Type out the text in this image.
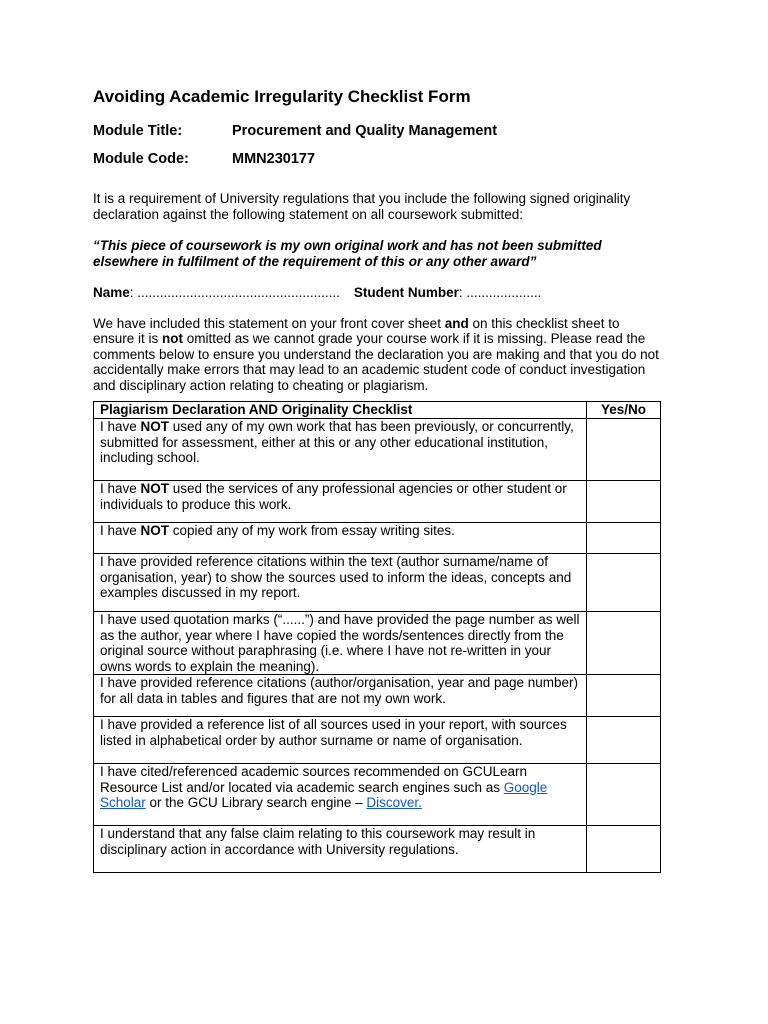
Avoiding Academic Irregularity Checklist Form
Module Title:	Procurement and Quality Management
Module Code:	MMN230177

It is a requirement of University regulations that you include the following signed originality declaration against the following statement on all coursework submitted:

“This piece of coursework is my own original work and has not been submitted elsewhere in fulfilment of the requirement of this or any other award”

Name: ...................................................... Student Number: ....................

We have included this statement on your front cover sheet and on this checklist sheet to ensure it is not omitted as we cannot grade your course work if it is missing. Please read the comments below to ensure you understand the declaration you are making and that you do not accidentally make errors that may lead to an academic student code of conduct investigation and disciplinary action relating to cheating or plagiarism.

Plagiarism Declaration AND Originality Checklist	Yes/No
I have NOT used any of my own work that has been previously, or concurrently, submitted for assessment, either at this or any other educational institution, including school.	
I have NOT used the services of any professional agencies or other student or individuals to produce this work.	
I have NOT copied any of my work from essay writing sites.	
I have provided reference citations within the text (author surname/name of organisation, year) to show the sources used to inform the ideas, concepts and examples discussed in my report.	
I have used quotation marks (“......”) and have provided the page number as well as the author, year where I have copied the words/sentences directly from the original source without paraphrasing (i.e. where I have not re-written in your owns words to explain the meaning).	
I have provided reference citations (author/organisation, year and page number) for all data in tables and figures that are not my own work.	
I have provided a reference list of all sources used in your report, with sources listed in alphabetical order by author surname or name of organisation.	
I have cited/referenced academic sources recommended on GCULearn Resource List and/or located via academic search engines such as Google Scholar or the GCU Library search engine – Discover.	
I understand that any false claim relating to this coursework may result in disciplinary action in accordance with University regulations.	
